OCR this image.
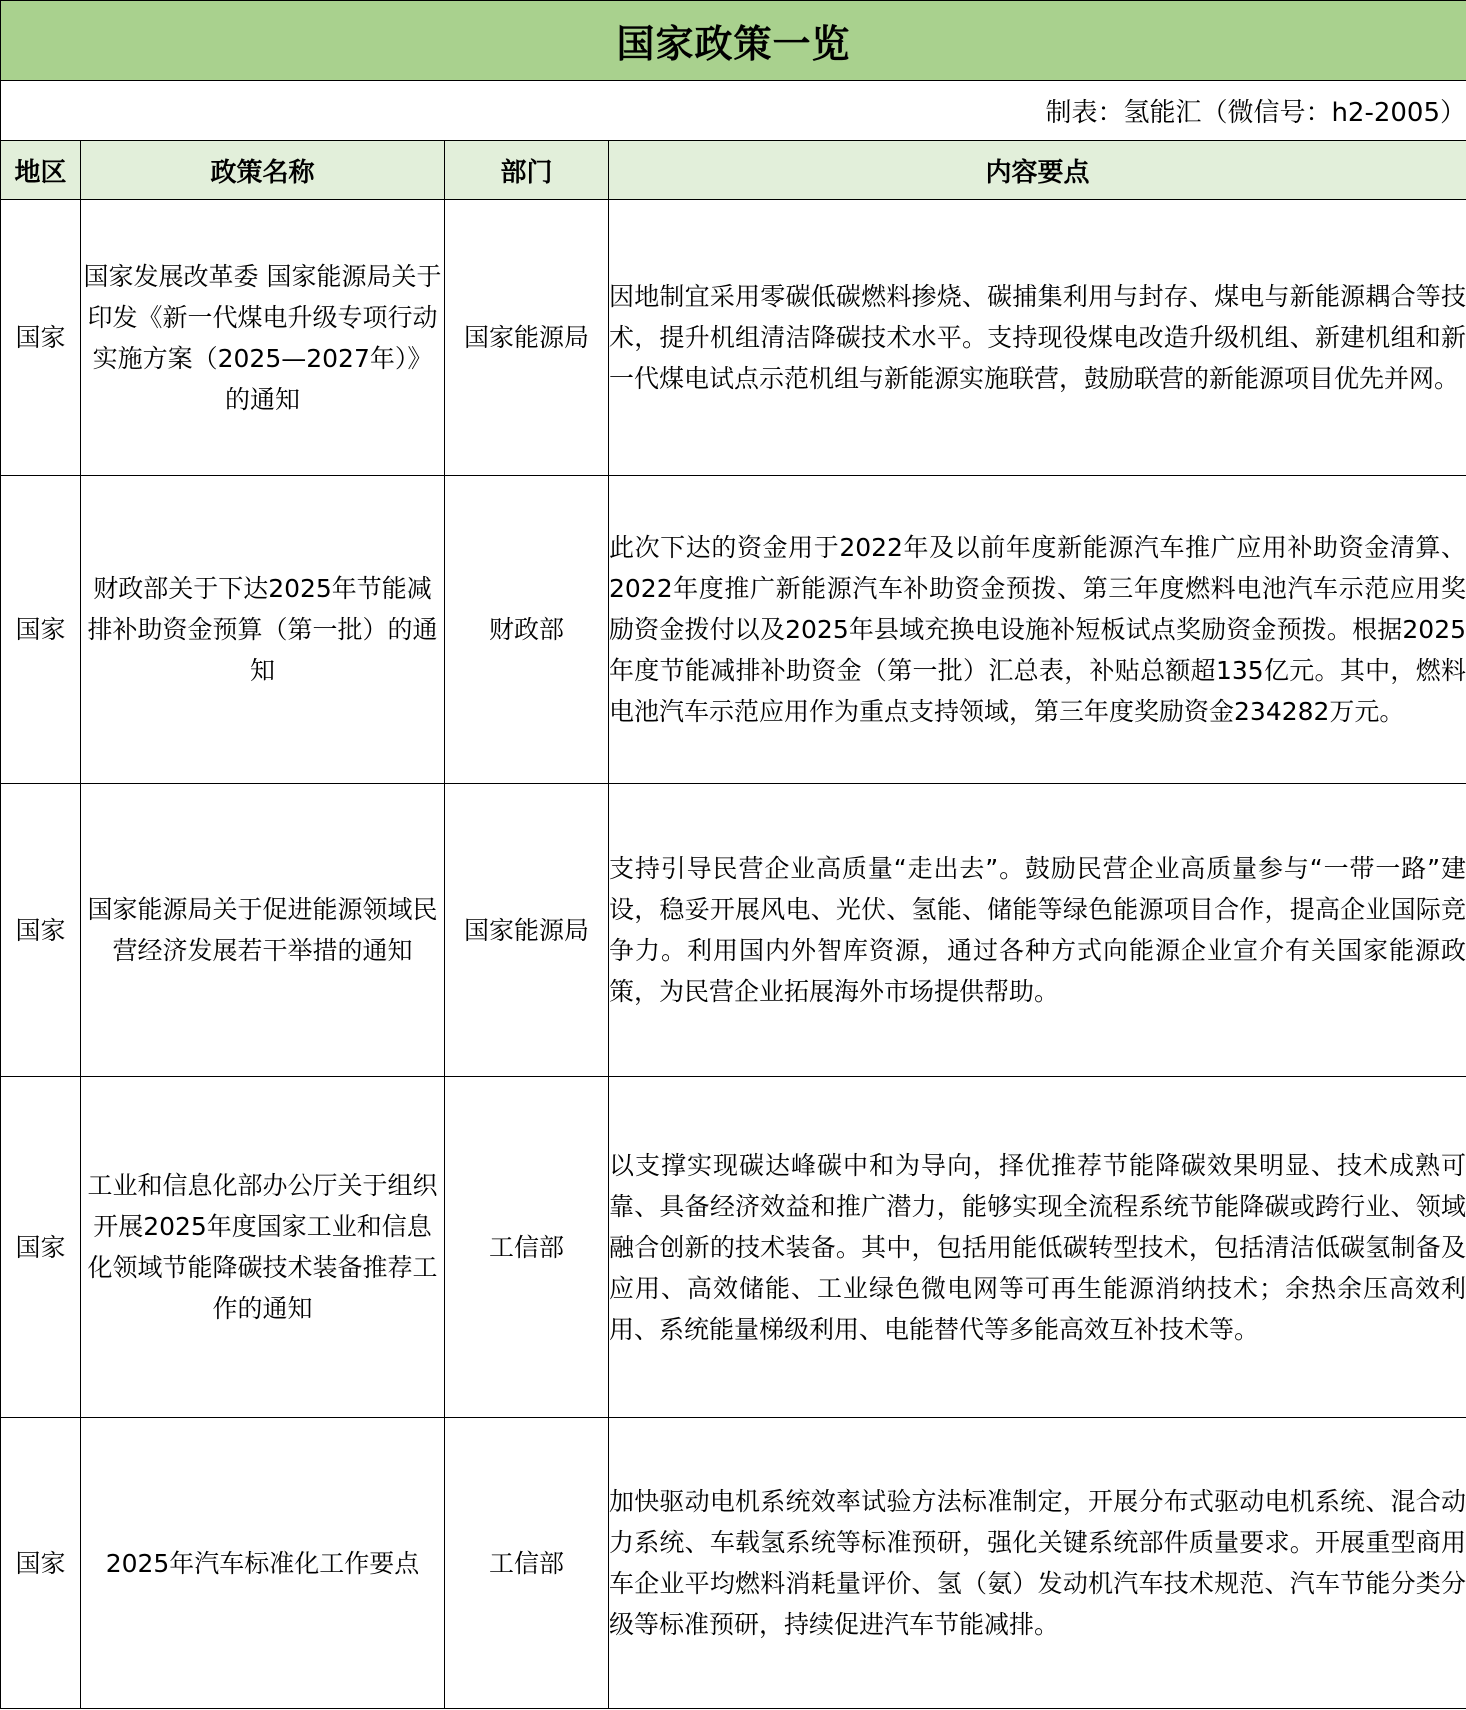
国家政策一览			
制表：氢能汇（微信号：h2-2005）			
地区	政策名称	部门	内容要点
国家	国家发展改革委 国家能源局关于印发《新一代煤电升级专项行动实施方案（2025—2027年）》的通知	国家能源局	因地制宜采用零碳低碳燃料掺烧、碳捕集利用与封存、煤电与新能源耦合等技术，提升机组清洁降碳技术水平。支持现役煤电改造升级机组、新建机组和新一代煤电试点示范机组与新能源实施联营，鼓励联营的新能源项目优先并网。
国家	财政部关于下达2025年节能减排补助资金预算（第一批）的通知	财政部	此次下达的资金用于2022年及以前年度新能源汽车推广应用补助资金清算、2022年度推广新能源汽车补助资金预拨、第三年度燃料电池汽车示范应用奖励资金拨付以及2025年县域充换电设施补短板试点奖励资金预拨。根据2025年度节能减排补助资金（第一批）汇总表，补贴总额超135亿元。其中，燃料电池汽车示范应用作为重点支持领域，第三年度奖励资金234282万元。
国家	国家能源局关于促进能源领域民营经济发展若干举措的通知	国家能源局	支持引导民营企业高质量“走出去”。鼓励民营企业高质量参与“一带一路”建设，稳妥开展风电、光伏、氢能、储能等绿色能源项目合作，提高企业国际竞争力。利用国内外智库资源，通过各种方式向能源企业宣介有关国家能源政策，为民营企业拓展海外市场提供帮助。
国家	工业和信息化部办公厅关于组织开展2025年度国家工业和信息化领域节能降碳技术装备推荐工作的通知	工信部	以支撑实现碳达峰碳中和为导向，择优推荐节能降碳效果明显、技术成熟可靠、具备经济效益和推广潜力，能够实现全流程系统节能降碳或跨行业、领域融合创新的技术装备。其中，包括用能低碳转型技术，包括清洁低碳氢制备及应用、高效储能、工业绿色微电网等可再生能源消纳技术；余热余压高效利用、系统能量梯级利用、电能替代等多能高效互补技术等。
国家	2025年汽车标准化工作要点	工信部	加快驱动电机系统效率试验方法标准制定，开展分布式驱动电机系统、混合动力系统、车载氢系统等标准预研，强化关键系统部件质量要求。开展重型商用车企业平均燃料消耗量评价、氢（氨）发动机汽车技术规范、汽车节能分类分级等标准预研，持续促进汽车节能减排。
